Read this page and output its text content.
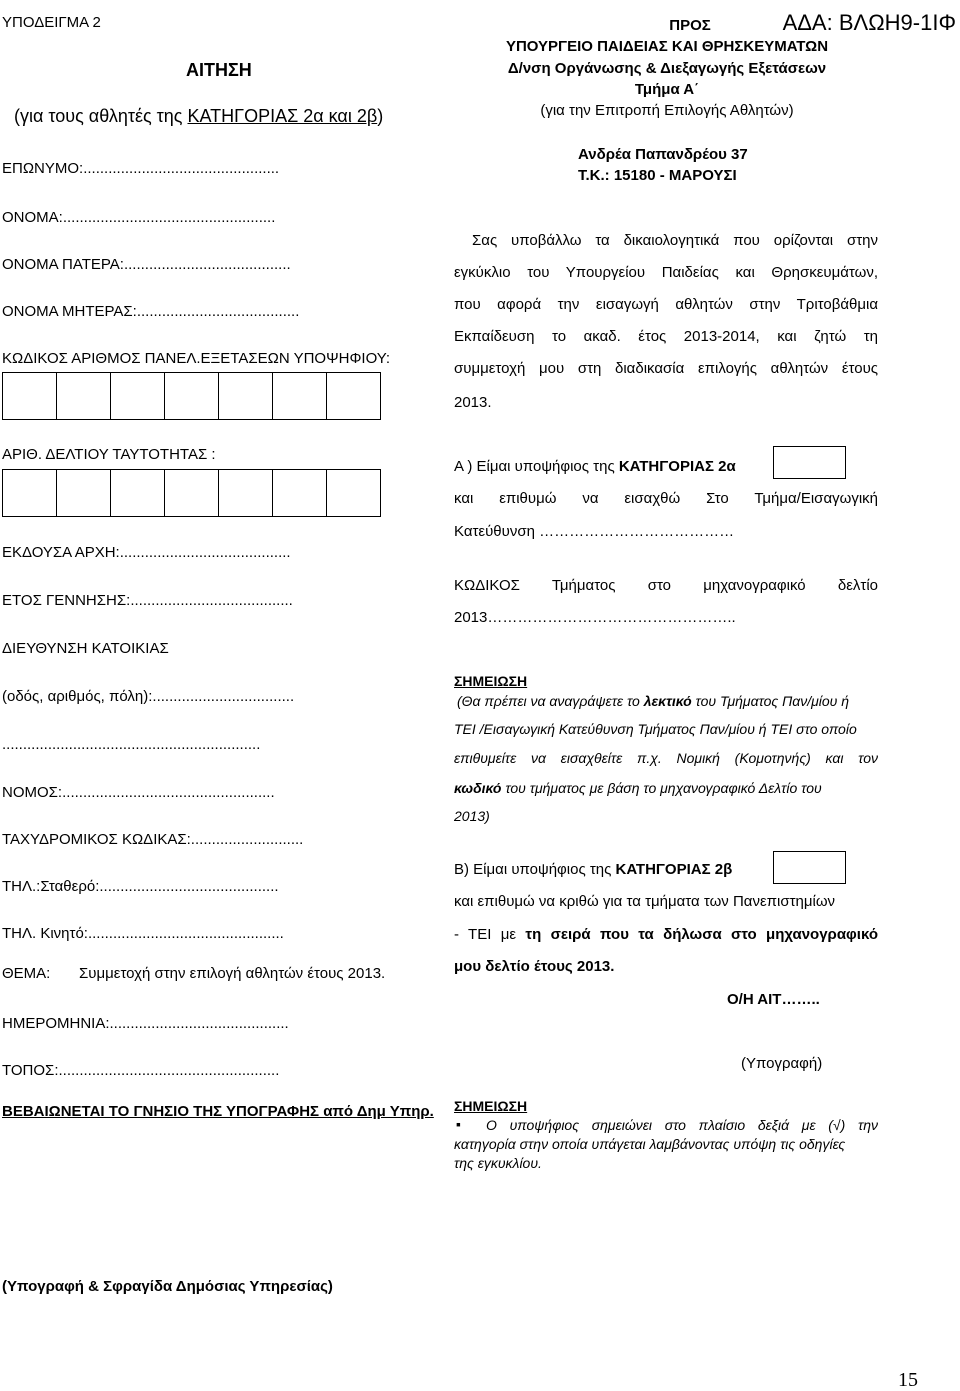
ΥΠΟΔΕΙΓΜΑ 2	ΑΔΑ: ΒΛΩΗ9-1ΙΦ
ΑΙΤΗΣΗ
(για τους αθλητές της ΚΑΤΗΓΟΡΙΑΣ 2α και 2β)
ΠΡΟΣ
ΥΠΟΥΡΓΕΙΟ ΠΑΙΔΕΙΑΣ ΚΑΙ ΘΡΗΣΚΕΥΜΑΤΩΝ
Δ/νση Οργάνωσης & Διεξαγωγής Εξετάσεων
Τμήμα Α΄
(για την Επιτροπή Επιλογής Αθλητών)
Ανδρέα Παπανδρέου 37
Τ.Κ.: 15180 - ΜΑΡΟΥΣΙ
ΕΠΩΝΥΜΟ:...............................................
ΟΝΟΜΑ:...................................................
ΟΝΟΜΑ ΠΑΤΕΡΑ:........................................
ΟΝΟΜΑ ΜΗΤΕΡΑΣ:.......................................
ΚΩΔΙΚΟΣ ΑΡΙΘΜΟΣ ΠΑΝΕΛ.ΕΞΕΤΑΣΕΩΝ ΥΠΟΨΗΦΙΟΥ:
ΑΡΙΘ. ΔΕΛΤΙΟΥ ΤΑΥΤΟΤΗΤΑΣ :
ΕΚΔΟΥΣΑ ΑΡΧΗ:.........................................
ΕΤΟΣ ΓΕΝΝΗΣΗΣ:.......................................
ΔΙΕΥΘΥΝΣΗ ΚΑΤΟΙΚΙΑΣ
(οδός, αριθμός, πόλη):..................................
..............................................................
ΝΟΜΟΣ:...................................................
ΤΑΧΥΔΡΟΜΙΚΟΣ ΚΩΔΙΚΑΣ:...........................
ΤΗΛ.:Σταθερό:...........................................
ΤΗΛ. Κινητό:...............................................
ΘΕΜΑ: Συμμετοχή στην επιλογή αθλητών έτους 2013.
ΗΜΕΡΟΜΗΝΙΑ:...........................................
ΤΟΠΟΣ:.....................................................
ΒΕΒΑΙΩΝΕΤΑΙ ΤΟ ΓΝΗΣΙΟ ΤΗΣ ΥΠΟΓΡΑΦΗΣ από Δημ Υπηρ.
Σας υποβάλλω τα δικαιολογητικά που ορίζονται στην
εγκύκλιο του Υπουργείου Παιδείας και Θρησκευμάτων,
που αφορά την εισαγωγή αθλητών στην Τριτοβάθμια
Εκπαίδευση το ακαδ. έτος 2013-2014, και ζητώ τη
συμμετοχή μου στη διαδικασία επιλογής αθλητών έτους
2013.
Α ) Είμαι υποψήφιος της ΚΑΤΗΓΟΡΙΑΣ 2α
και επιθυμώ να εισαχθώ Στο Τμήμα/Εισαγωγική
Κατεύθυνση …………………………………
ΚΩΔΙΚΟΣ Τμήματος στο μηχανογραφικό δελτίο
2013…………………………………………..
ΣΗΜΕΙΩΣΗ
(Θα πρέπει να αναγράψετε το λεκτικό του Τμήματος Παν/μίου ή
ΤΕΙ /Εισαγωγική Κατεύθυνση Τμήματος Παν/μίου ή ΤΕΙ στο οποίο
επιθυμείτε να εισαχθείτε π.χ. Νομική (Κομοτηνής) και τον
κωδικό του τμήματος με βάση το μηχανογραφικό Δελτίο του
2013)
Β) Είμαι υποψήφιος της ΚΑΤΗΓΟΡΙΑΣ 2β
και επιθυμώ να κριθώ για τα τμήματα των Πανεπιστημίων
- ΤΕΙ με τη σειρά που τα δήλωσα στο μηχανογραφικό
μου δελτίο έτους 2013.
Ο/Η ΑΙΤ……..
(Υπογραφή)
ΣΗΜΕΙΩΣΗ
▪ Ο υποψήφιος σημειώνει στο πλαίσιο δεξιά με (√) την
κατηγορία στην οποία υπάγεται λαμβάνοντας υπόψη τις οδηγίες
της εγκυκλίου.
(Υπογραφή & Σφραγίδα Δημόσιας Υπηρεσίας)
15
